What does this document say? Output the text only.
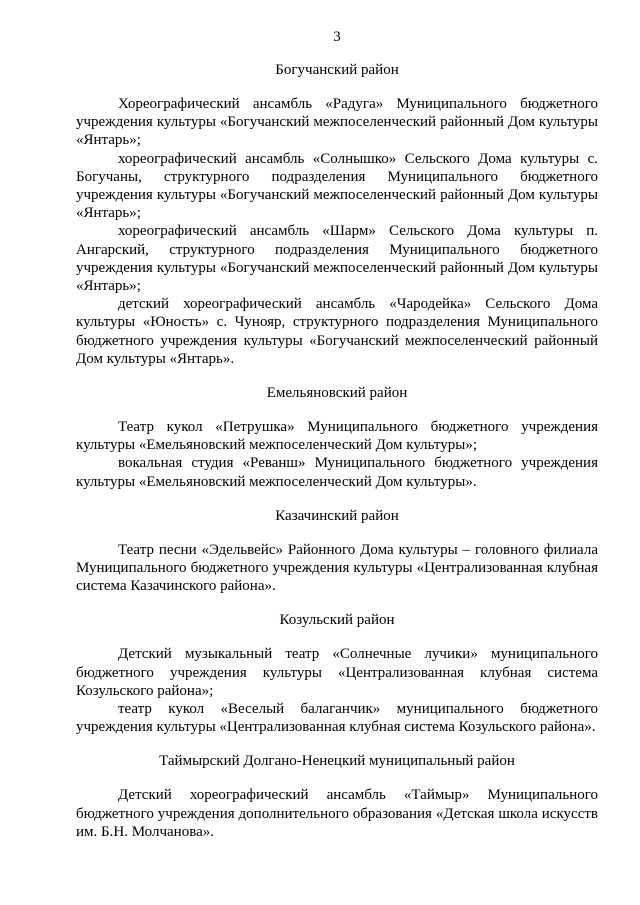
3
Богучанский район

Хореографический ансамбль «Радуга» Муниципального бюджетного учреждения культуры «Богучанский межпоселенческий районный Дом культуры «Янтарь»;

хореографический ансамбль «Солнышко» Сельского Дома культуры с. Богучаны, структурного подразделения Муниципального бюджетного учреждения культуры «Богучанский межпоселенческий районный Дом культуры «Янтарь»;

хореографический ансамбль «Шарм» Сельского Дома культуры п. Ангарский, структурного подразделения Муниципального бюджетного учреждения культуры «Богучанский межпоселенческий районный Дом культуры «Янтарь»;

детский хореографический ансамбль «Чародейка» Сельского Дома культуры «Юность» с. Чунояр, структурного подразделения Муниципального бюджетного учреждения культуры «Богучанский межпоселенческий районный Дом культуры «Янтарь».

Емельяновский район

Театр кукол «Петрушка» Муниципального бюджетного учреждения культуры «Емельяновский межпоселенческий Дом культуры»;

вокальная студия «Реванш» Муниципального бюджетного учреждения культуры «Емельяновский межпоселенческий Дом культуры».

Казачинский район

Театр песни «Эдельвейс» Районного Дома культуры – головного филиала Муниципального бюджетного учреждения культуры «Централизованная клубная система Казачинского района».

Козульский район

Детский музыкальный театр «Солнечные лучики» муниципального бюджетного учреждения культуры «Централизованная клубная система Козульского района»;

театр кукол «Веселый балаганчик» муниципального бюджетного учреждения культуры «Централизованная клубная система Козульского района».

Таймырский Долгано-Ненецкий муниципальный район

Детский хореографический ансамбль «Таймыр» Муниципального бюджетного учреждения дополнительного образования «Детская школа искусств им. Б.Н. Молчанова».
